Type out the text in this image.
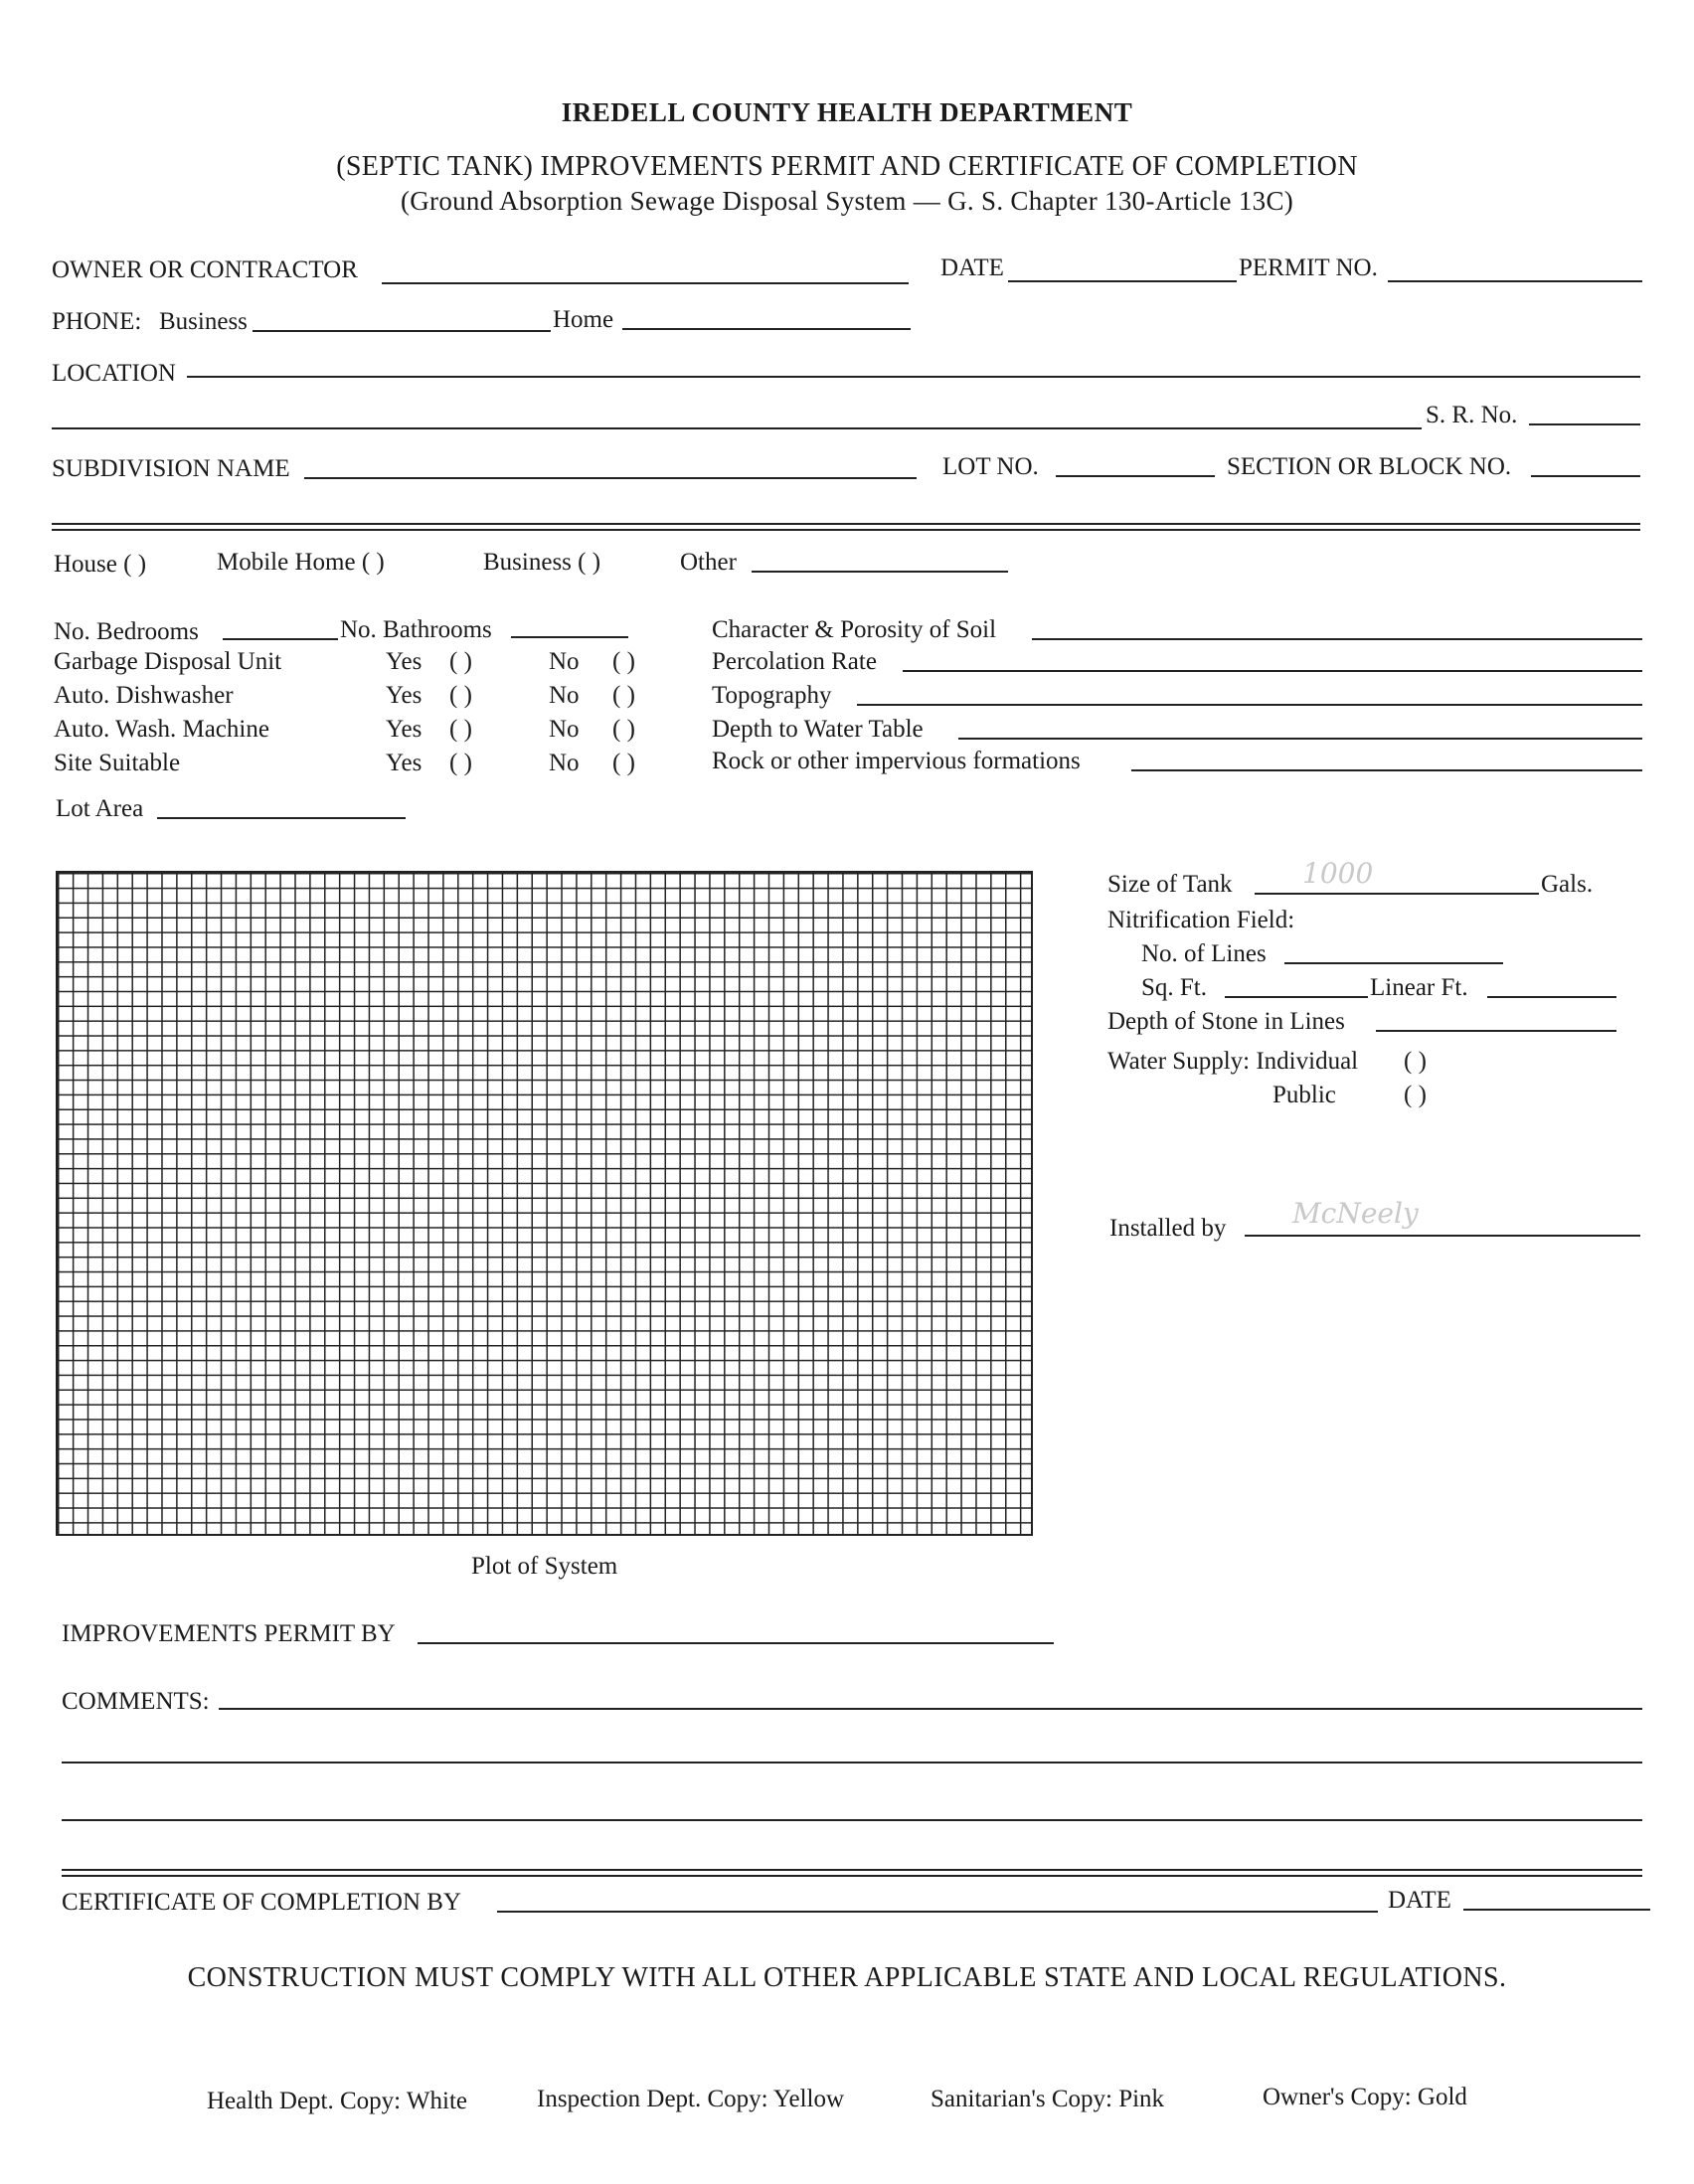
IREDELL COUNTY HEALTH DEPARTMENT
(SEPTIC TANK) IMPROVEMENTS PERMIT AND CERTIFICATE OF COMPLETION
(Ground Absorption Sewage Disposal System — G. S. Chapter 130-Article 13C)
OWNER OR CONTRACTOR	DATE	PERMIT NO.
PHONE: Business	Home
LOCATION
S. R. No.
SUBDIVISION NAME	LOT NO.	SECTION OR BLOCK NO.
House ( )	Mobile Home ( )	Business ( )	Other
No. Bedrooms	No. Bathrooms
Garbage Disposal Unit	Yes ( )	No ( )
Auto. Dishwasher	Yes ( )	No ( )
Auto. Wash. Machine	Yes ( )	No ( )
Site Suitable	Yes ( )	No ( )
Lot Area
Character & Porosity of Soil
Percolation Rate
Topography
Depth to Water Table
Rock or other impervious formations
Plot of System
Size of Tank	1000	Gals.
Nitrification Field:
No. of Lines
Sq. Ft.	Linear Ft.
Depth of Stone in Lines
Water Supply: Individual ( )
Public	( )
Installed by McNeely
IMPROVEMENTS PERMIT BY
COMMENTS:
CERTIFICATE OF COMPLETION BY	DATE
CONSTRUCTION MUST COMPLY WITH ALL OTHER APPLICABLE STATE AND LOCAL REGULATIONS.
Health Dept. Copy: White	Inspection Dept. Copy: Yellow	Sanitarian's Copy: Pink	Owner's Copy: Gold
